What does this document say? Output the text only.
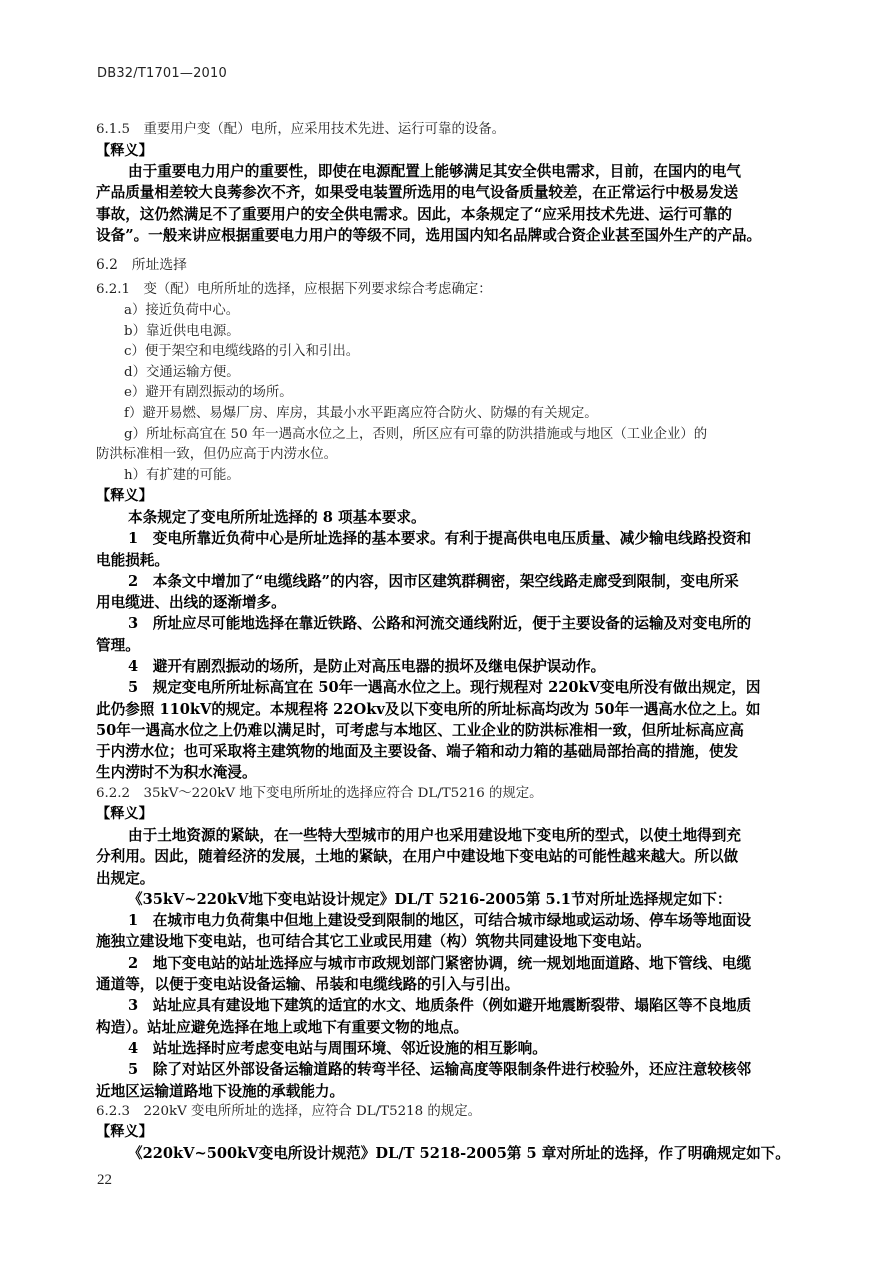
DB32/T1701—2010
6.1.5　重要用户变（配）电所，应采用技术先进、运行可靠的设备。
【释义】
由于重要电力用户的重要性，即使在电源配置上能够满足其安全供电需求，目前，在国内的电气
产品质量相差较大良莠参次不齐，如果受电装置所选用的电气设备质量较差，在正常运行中极易发送
事故，这仍然满足不了重要用户的安全供电需求。因此，本条规定了“应采用技术先进、运行可靠的
设备”。一般来讲应根据重要电力用户的等级不同，选用国内知名品牌或合资企业甚至国外生产的产品。
6.2　所址选择
6.2.1　变（配）电所所址的选择，应根据下列要求综合考虑确定：
a）接近负荷中心。
b）靠近供电电源。
c）便于架空和电缆线路的引入和引出。
d）交通运输方便。
e）避开有剧烈振动的场所。
f）避开易燃、易爆厂房、库房，其最小水平距离应符合防火、防爆的有关规定。
g）所址标高宜在 50 年一遇高水位之上，否则，所区应有可靠的防洪措施或与地区（工业企业）的
防洪标准相一致，但仍应高于内涝水位。
h）有扩建的可能。
【释义】
本条规定了变电所所址选择的 8 项基本要求。
1　变电所靠近负荷中心是所址选择的基本要求。有利于提高供电电压质量、减少输电线路投资和
电能损耗。
2　本条文中增加了“电缆线路”的内容，因市区建筑群稠密，架空线路走廊受到限制，变电所采
用电缆进、出线的逐渐增多。
3　所址应尽可能地选择在靠近铁路、公路和河流交通线附近，便于主要设备的运输及对变电所的
管理。
4　避开有剧烈振动的场所，是防止对高压电器的损坏及继电保护误动作。
5　规定变电所所址标高宜在 50年一遇高水位之上。现行规程对 220kV变电所没有做出规定，因
此仍参照 110kV的规定。本规程将 22Okv及以下变电所的所址标高均改为 50年一遇高水位之上。如
50年一遇高水位之上仍难以满足时，可考虑与本地区、工业企业的防洪标准相一致，但所址标高应高
于内涝水位；也可采取将主建筑物的地面及主要设备、端子箱和动力箱的基础局部抬高的措施，使发
生内涝时不为积水淹浸。
6.2.2　35kV～220kV 地下变电所所址的选择应符合 DL/T5216 的规定。
【释义】
由于土地资源的紧缺，在一些特大型城市的用户也采用建设地下变电所的型式，以使土地得到充
分利用。因此，随着经济的发展，土地的紧缺，在用户中建设地下变电站的可能性越来越大。所以做
出规定。
《35kV~220kV地下变电站设计规定》DL/T 5216-2005第 5.1节对所址选择规定如下：
1　在城市电力负荷集中但地上建设受到限制的地区，可结合城市绿地或运动场、停车场等地面设
施独立建设地下变电站，也可结合其它工业或民用建（构）筑物共同建设地下变电站。
2　地下变电站的站址选择应与城市市政规划部门紧密协调，统一规划地面道路、地下管线、电缆
通道等，以便于变电站设备运输、吊装和电缆线路的引入与引出。
3　站址应具有建设地下建筑的适宜的水文、地质条件（例如避开地震断裂带、塌陷区等不良地质
构造）。站址应避免选择在地上或地下有重要文物的地点。
4　站址选择时应考虑变电站与周围环境、邻近设施的相互影响。
5　除了对站区外部设备运输道路的转弯半径、运输高度等限制条件进行校验外，还应注意较核邻
近地区运输道路地下设施的承载能力。
6.2.3　220kV 变电所所址的选择，应符合 DL/T5218 的规定。
【释义】
《220kV~500kV变电所设计规范》DL/T 5218-2005第 5 章对所址的选择，作了明确规定如下。
22
